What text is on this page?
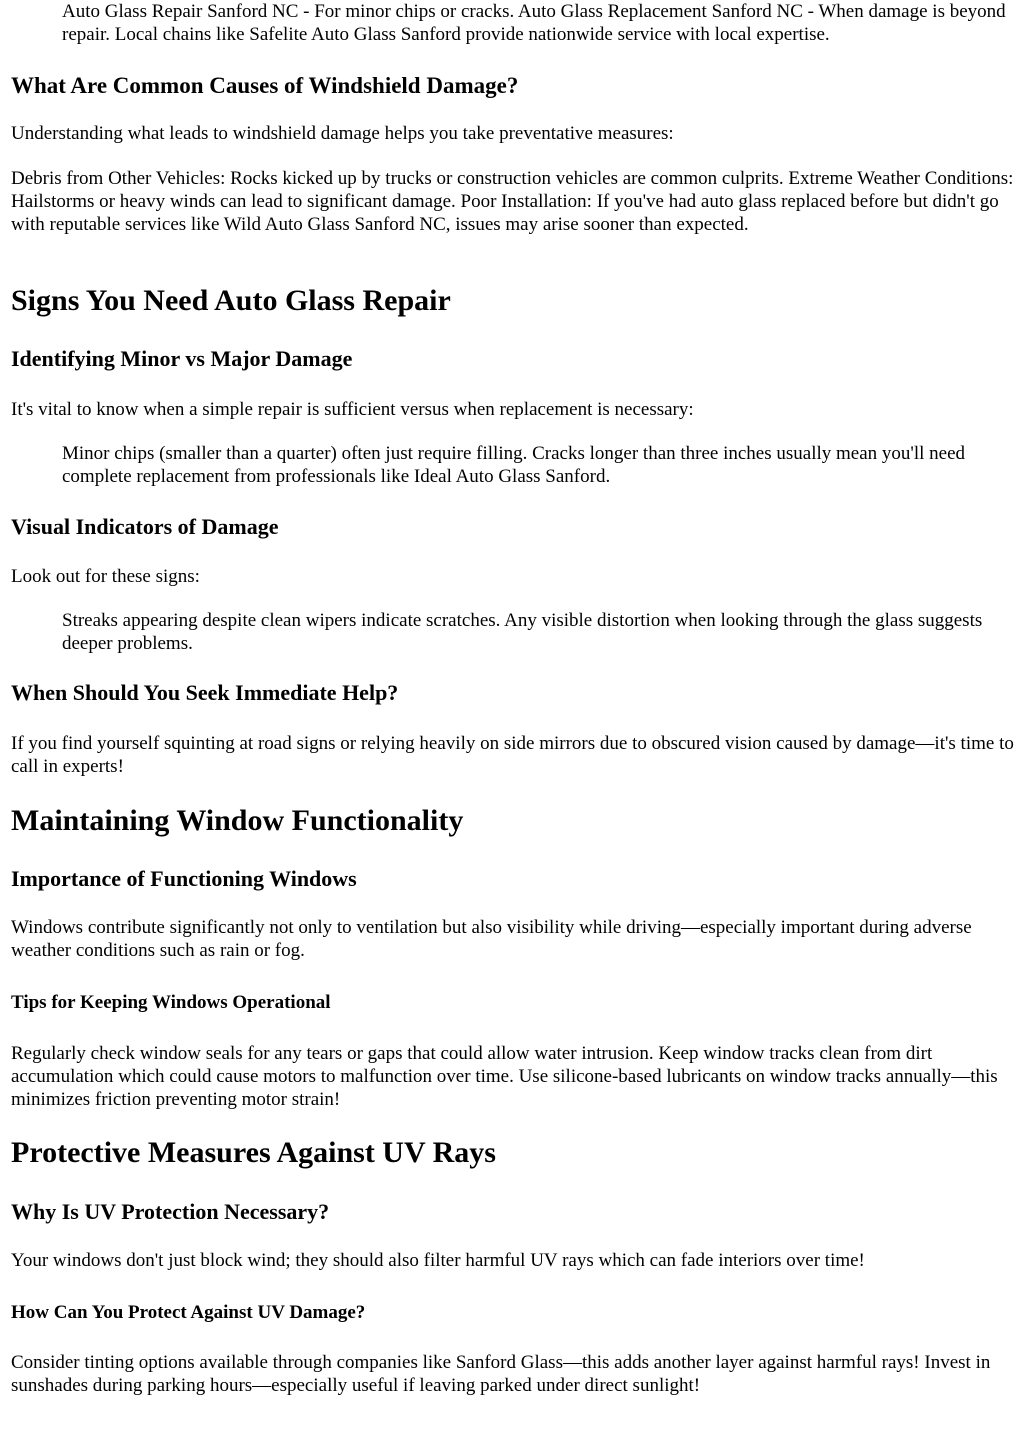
Auto Glass Repair Sanford NC - For minor chips or cracks. Auto Glass Replacement Sanford NC - When damage is beyond repair. Local chains like Safelite Auto Glass Sanford provide nationwide service with local expertise.

What Are Common Causes of Windshield Damage?

Understanding what leads to windshield damage helps you take preventative measures:

Debris from Other Vehicles: Rocks kicked up by trucks or construction vehicles are common culprits. Extreme Weather Conditions: Hailstorms or heavy winds can lead to significant damage. Poor Installation: If you've had auto glass replaced before but didn't go with reputable services like Wild Auto Glass Sanford NC, issues may arise sooner than expected.

Signs You Need Auto Glass Repair
Identifying Minor vs Major Damage

It's vital to know when a simple repair is sufficient versus when replacement is necessary:

Minor chips (smaller than a quarter) often just require filling. Cracks longer than three inches usually mean you'll need complete replacement from professionals like Ideal Auto Glass Sanford.

Visual Indicators of Damage

Look out for these signs:

Streaks appearing despite clean wipers indicate scratches. Any visible distortion when looking through the glass suggests deeper problems.

When Should You Seek Immediate Help?

If you find yourself squinting at road signs or relying heavily on side mirrors due to obscured vision caused by damage—it's time to call in experts!

Maintaining Window Functionality
Importance of Functioning Windows

Windows contribute significantly not only to ventilation but also visibility while driving—especially important during adverse weather conditions such as rain or fog.

Tips for Keeping Windows Operational

Regularly check window seals for any tears or gaps that could allow water intrusion. Keep window tracks clean from dirt accumulation which could cause motors to malfunction over time. Use silicone-based lubricants on window tracks annually—this minimizes friction preventing motor strain!

Protective Measures Against UV Rays
Why Is UV Protection Necessary?

Your windows don't just block wind; they should also filter harmful UV rays which can fade interiors over time!

How Can You Protect Against UV Damage?

Consider tinting options available through companies like Sanford Glass—this adds another layer against harmful rays! Invest in sunshades during parking hours—especially useful if leaving parked under direct sunlight!
